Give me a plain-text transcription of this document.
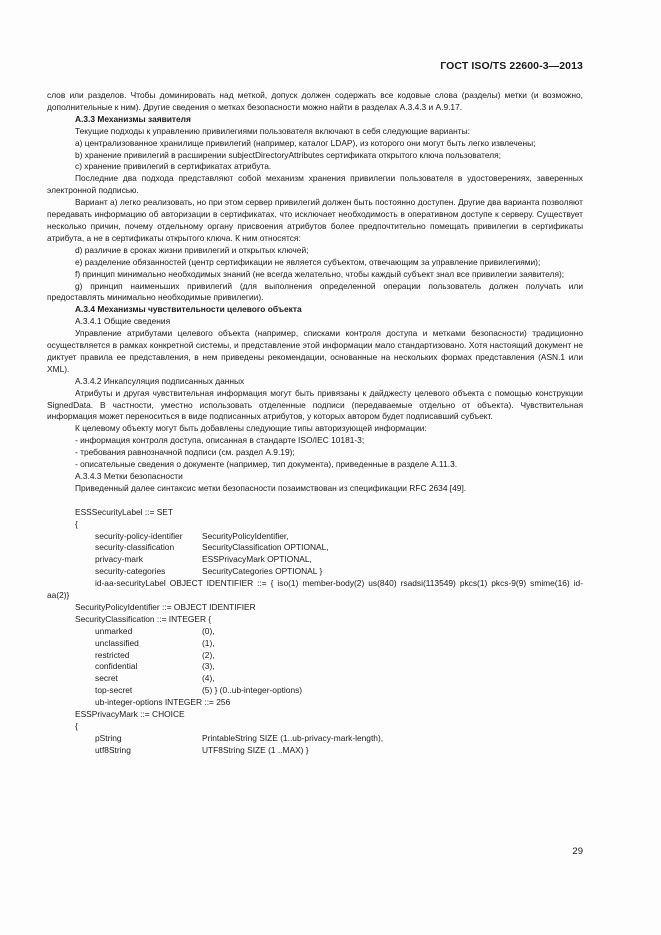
ГОСТ ISO/TS 22600-3—2013

слов или разделов. Чтобы доминировать над меткой, допуск должен содержать все кодовые слова (разделы) метки (и возможно, дополнительные к ним). Другие сведения о метках безопасности можно найти в разделах А.3.4.3 и А.9.17.

А.3.3 Механизмы заявителя

Текущие подходы к управлению привилегиями пользователя включают в себя следующие варианты:

а) централизованное хранилище привилегий (например, каталог LDAP), из которого они могут быть легко извлечены;

b) хранение привилегий в расширении subjectDirectoryAttributes сертификата открытого ключа пользователя;

c) хранение привилегий в сертификатах атрибута.

Последние два подхода представляют собой механизм хранения привилегии пользователя в удостоверениях, заверенных электронной подписью.

Вариант а) легко реализовать, но при этом сервер привилегий должен быть постоянно доступен. Другие два варианта позволяют передавать информацию об авторизации в сертификатах, что исключает необходимость в оперативном доступе к серверу. Существует несколько причин, почему отдельному органу присвоения атрибутов более предпочтительно помещать привилегии в сертификаты атрибута, а не в сертификаты открытого ключа. К ним относятся:

d) различие в сроках жизни привилегий и открытых ключей;

e) разделение обязанностей (центр сертификации не является субъектом, отвечающим за управление привилегиями);

f) принцип минимально необходимых знаний (не всегда желательно, чтобы каждый субъект знал все привилегии заявителя);

g) принцип наименьших привилегий (для выполнения определенной операции пользователь должен получать или предоставлять минимально необходимые привилегии).

А.3.4 Механизмы чувствительности целевого объекта

А.3.4.1 Общие сведения

Управление атрибутами целевого объекта (например, списками контроля доступа и метками безопасности) традиционно осуществляется в рамках конкретной системы, и представление этой информации мало стандартизовано. Хотя настоящий документ не диктует правила ее представления, в нем приведены рекомендации, основанные на нескольких формах представления (ASN.1 или XML).

А.3.4.2 Инкапсуляция подписанных данных

Атрибуты и другая чувствительная информация могут быть привязаны к дайджесту целевого объекта с помощью конструкции SignedData. В частности, уместно использовать отделенные подписи (передаваемые отдельно от объекта). Чувствительная информация может переноситься в виде подписанных атрибутов, у которых автором будет подписавший субъект.

К целевому объекту могут быть добавлены следующие типы авторизующей информации:

- информация контроля доступа, описанная в стандарте ISO/IEC 10181-3;

- требования равнозначной подписи (см. раздел А.9.19);

- описательные сведения о документе (например, тип документа), приведенные в разделе А.11.3.

А.3.4.3 Метки безопасности

Приведенный далее синтаксис метки безопасности позаимствован из спецификации RFC 2634 [49].

ESSSecurityLabel ::= SET
{
security-policy-identifier SecurityPolicyIdentifier,
security-classification	SecurityClassification OPTIONAL,
privacy-mark	ESSPrivacyMark OPTIONAL,
security-categories	SecurityCategories OPTIONAL }

id-aa-securityLabel OBJECT IDENTIFIER ::= { iso(1) member-body(2) us(840) rsadsi(113549) pkcs(1) pkcs-9(9) smime(16) id-aa(2)}

SecurityPolicyIdentifier ::= OBJECT IDENTIFIER
SecurityClassification ::= INTEGER {
unmarked	(0),
unclassified	(1),
restricted	(2),
confidential	(3),
secret	(4),
top-secret	(5) } (0..ub-integer-options)
ub-integer-options INTEGER ::= 256
ESSPrivacyMark ::= CHOICE
{
pString	PrintableString SIZE (1..ub-privacy-mark-length),
utf8String	UTF8String SIZE (1 ..MAX) }
29
